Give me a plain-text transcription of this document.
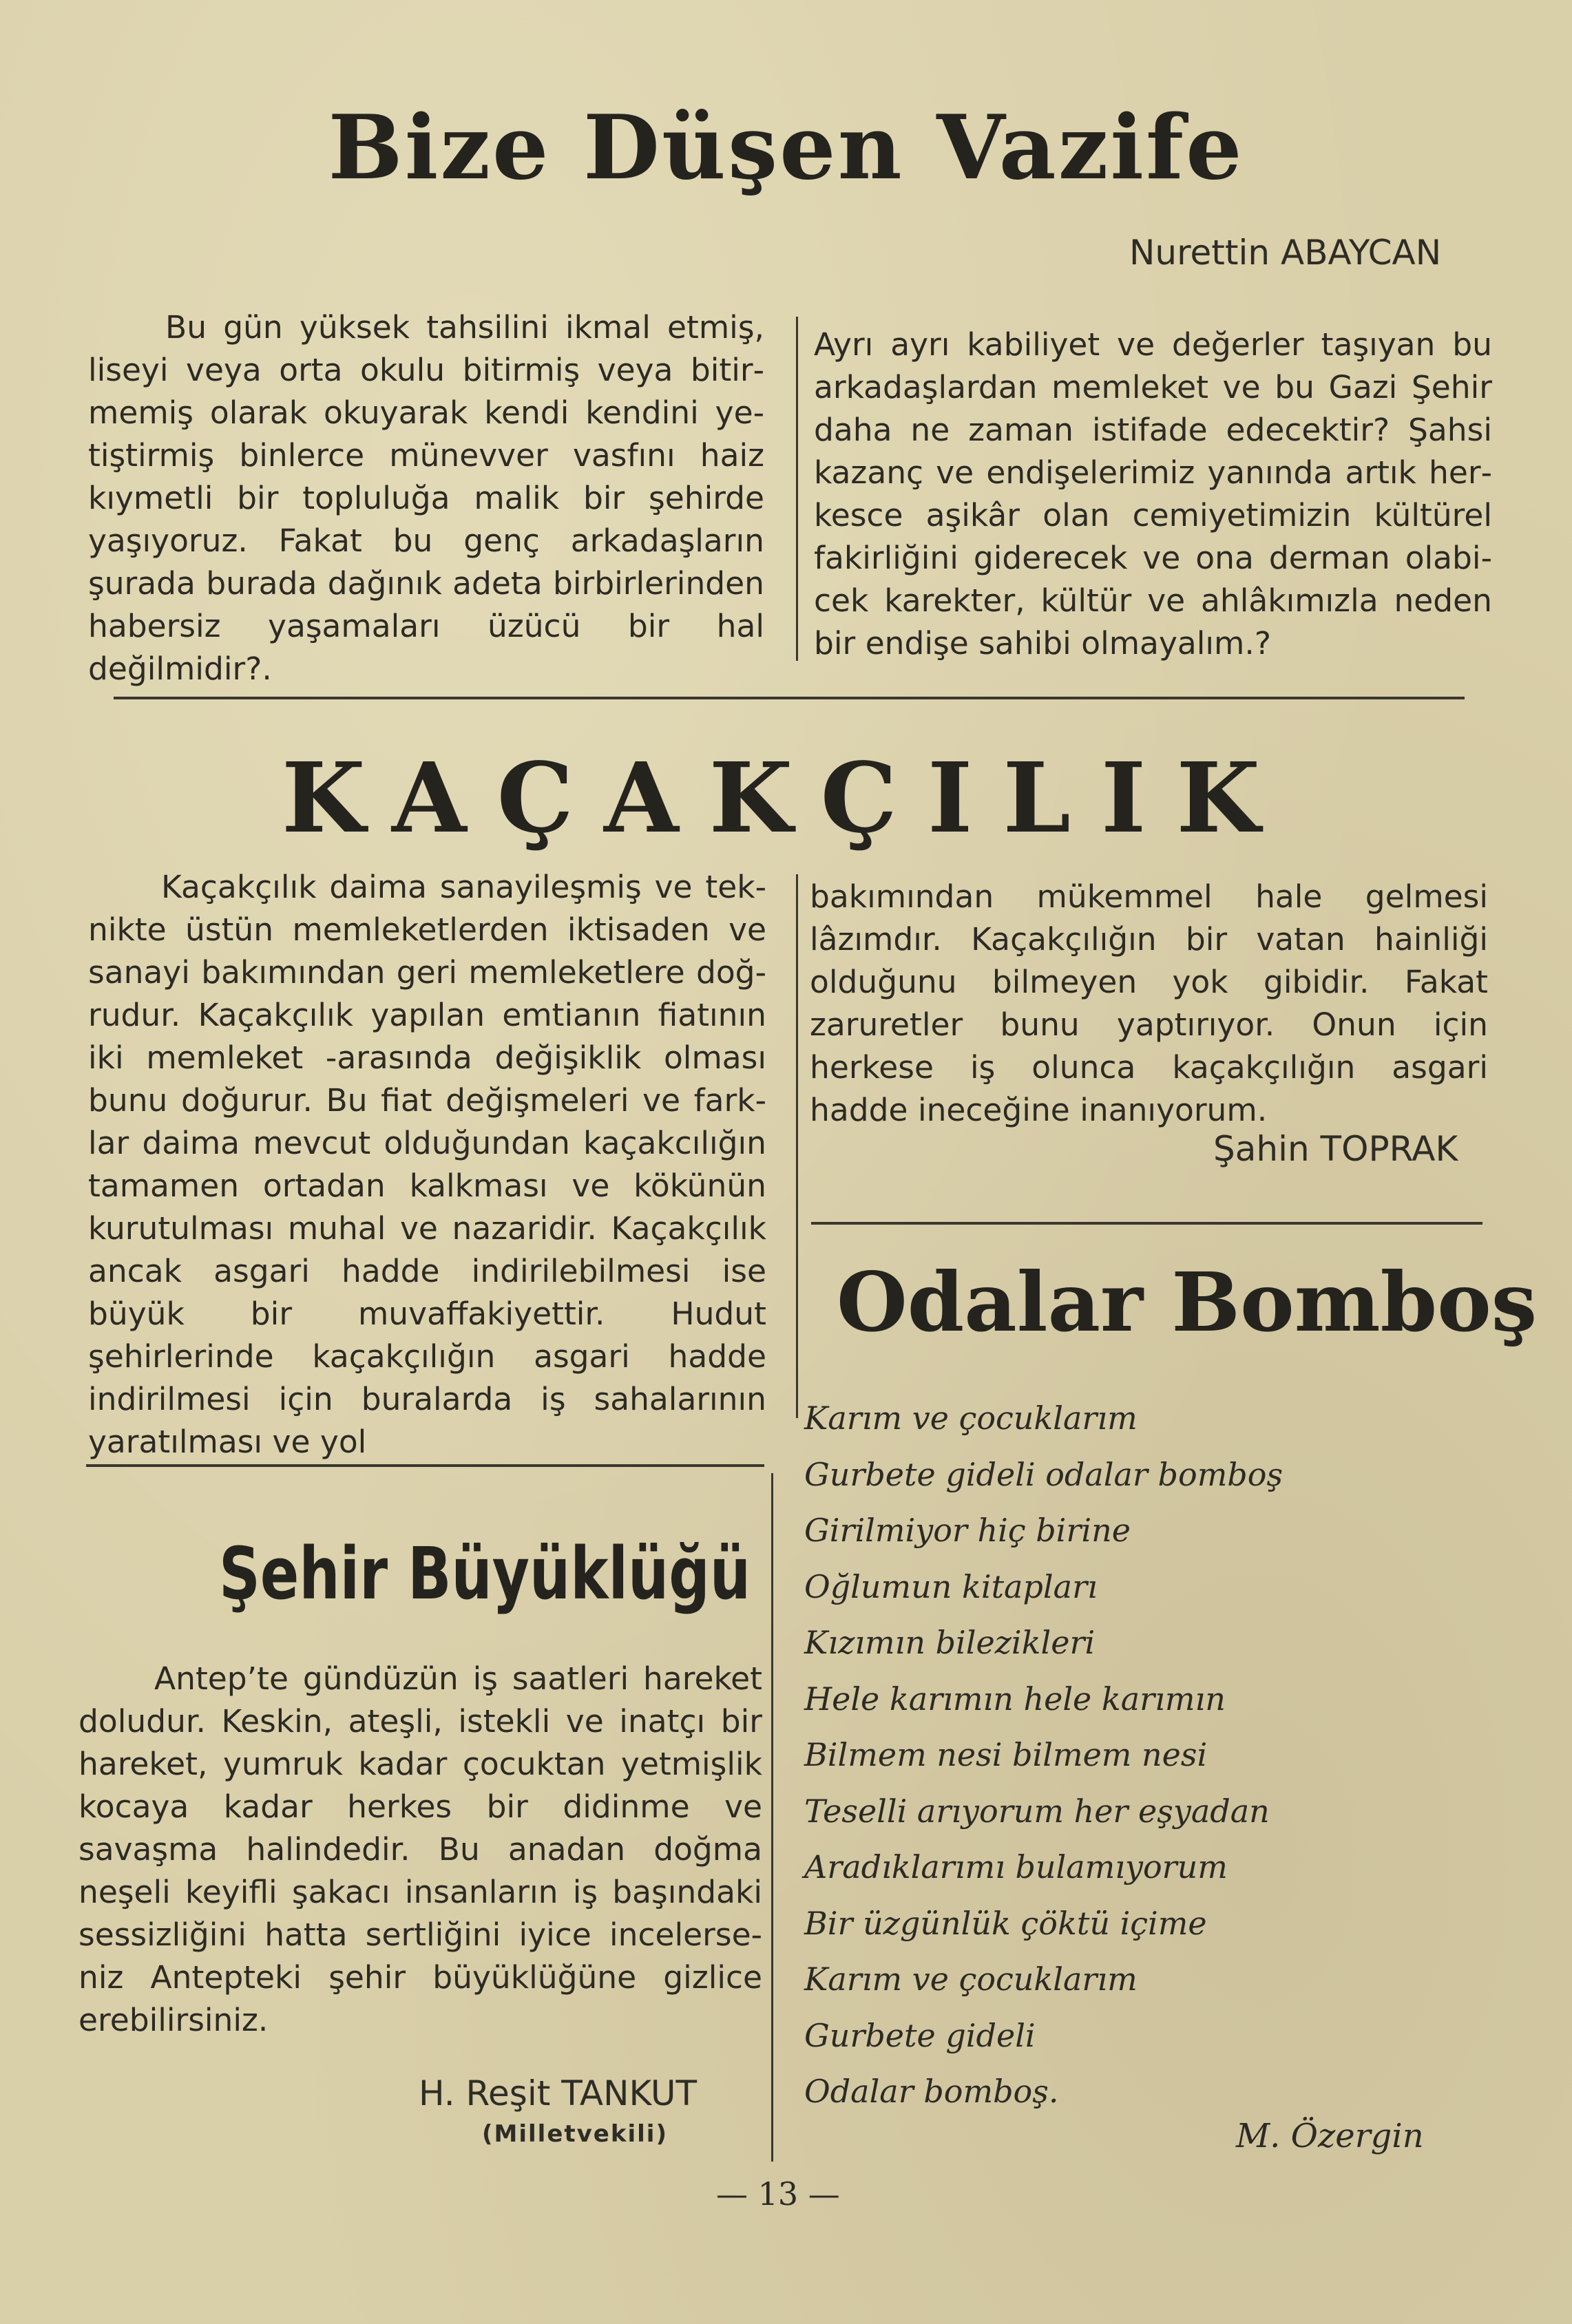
Bize Düşen Vazife
Nurettin ABAYCAN
Bu gün yüksek tahsilini ikmal etmiş, liseyi veya orta okulu bitirmiş veya bitirmemiş olarak okuyarak kendi kendini yetiştirmiş binlerce münevver vasfını haiz kıymetli bir topluluğa malik bir şehirde yaşıyoruz. Fakat bu genç arkadaşların şurada burada dağınık adeta birbirlerinden habersiz yaşamaları üzücü bir hal değilmidir?.
Ayrı ayrı kabiliyet ve değerler taşıyan bu arkadaşlardan memleket ve bu Gazi Şehir daha ne zaman istifade edecektir? Şahsi kazanç ve endişelerimiz yanında artık herkesce aşikâr olan cemiyetimizin kültürel fakirliğini giderecek ve ona derman olabicek karekter, kültür ve ahlâkımızla neden bir endişe sahibi olmayalım.?
KAÇAKÇILIK
Kaçakçılık daima sanayileşmiş ve teknikte üstün memleketlerden iktisaden ve sanayi bakımından geri memleketlere doğrudur. Kaçakçılık yapılan emtianın fiatının iki memleket -arasında değişiklik olması bunu doğurur. Bu fiat değişmeleri ve farklar daima mevcut olduğundan kaçakcılığın tamamen ortadan kalkması ve kökünün kurutulması muhal ve nazaridir. Kaçakçılık ancak asgari hadde indirilebilmesi ise büyük bir muvaffakiyettir. Hudut şehirlerinde kaçakçılığın asgari hadde indirilmesi için buralarda iş sahalarının yaratılması ve yol
bakımından mükemmel hale gelmesi lâzımdır. Kaçakçılığın bir vatan hainliği olduğunu bilmeyen yok gibidir. Fakat zaruretler bunu yaptırıyor. Onun için herkese iş olunca kaçakçılığın asgari hadde ineceğine inanıyorum.
Şahin TOPRAK
Şehir Büyüklüğü
Antep’te gündüzün iş saatleri hareket doludur. Keskin, ateşli, istekli ve inatçı bir hareket, yumruk kadar çocuktan yetmişlik kocaya kadar herkes bir didinme ve savaşma halindedir. Bu anadan doğma neşeli keyifli şakacı insanların iş başındaki sessizliğini hatta sertliğini iyice incelerseniz Antepteki şehir büyüklüğüne gizlice erebilirsiniz.
H. Reşit TANKUT
(Milletvekili)
Odalar Bomboş
Karım ve çocuklarım
Gurbete gideli odalar bomboş
Girilmiyor hiç birine
Oğlumun kitapları
Kızımın bilezikleri
Hele karımın hele karımın
Bilmem nesi bilmem nesi
Teselli arıyorum her eşyadan
Aradıklarımı bulamıyorum
Bir üzgünlük çöktü içime
Karım ve çocuklarım
Gurbete gideli
Odalar bomboş.
M. Özergin
— 13 —
